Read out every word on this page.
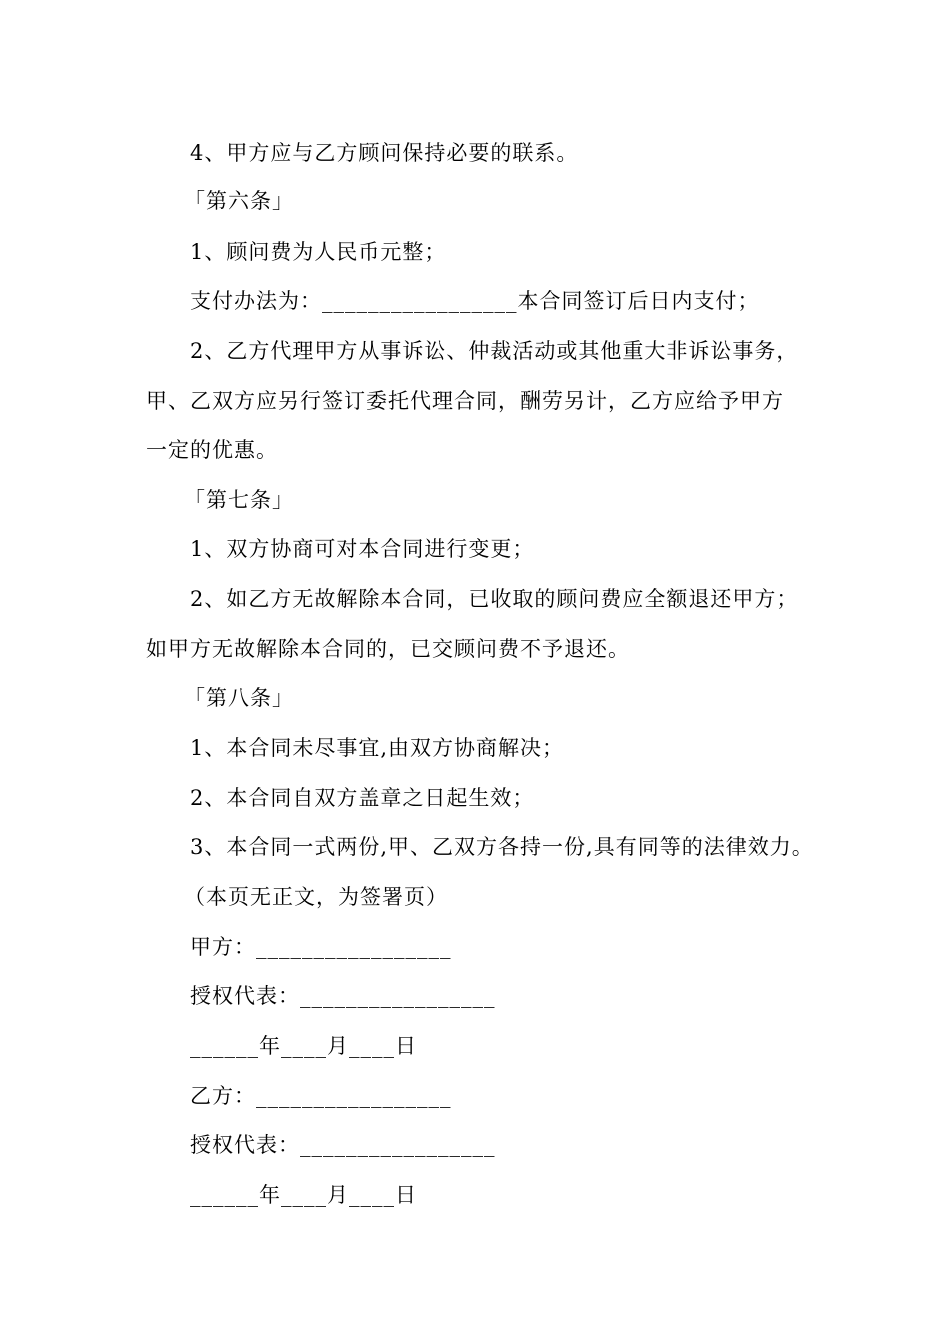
4、甲方应与乙方顾问保持必要的联系。
「第六条」
1、顾问费为人民币元整；
支付办法为：_________________本合同签订后日内支付；
2、乙方代理甲方从事诉讼、仲裁活动或其他重大非诉讼事务，
甲、乙双方应另行签订委托代理合同，酬劳另计，乙方应给予甲方
一定的优惠。
「第七条」
1、双方协商可对本合同进行变更；
2、如乙方无故解除本合同，已收取的顾问费应全额退还甲方；
如甲方无故解除本合同的，已交顾问费不予退还。
「第八条」
1、本合同未尽事宜,由双方协商解决；
2、本合同自双方盖章之日起生效；
3、本合同一式两份,甲、乙双方各持一份,具有同等的法律效力。
（本页无正文，为签署页）
甲方：_________________
授权代表：_________________
______年____月____日
乙方：_________________
授权代表：_________________
______年____月____日
